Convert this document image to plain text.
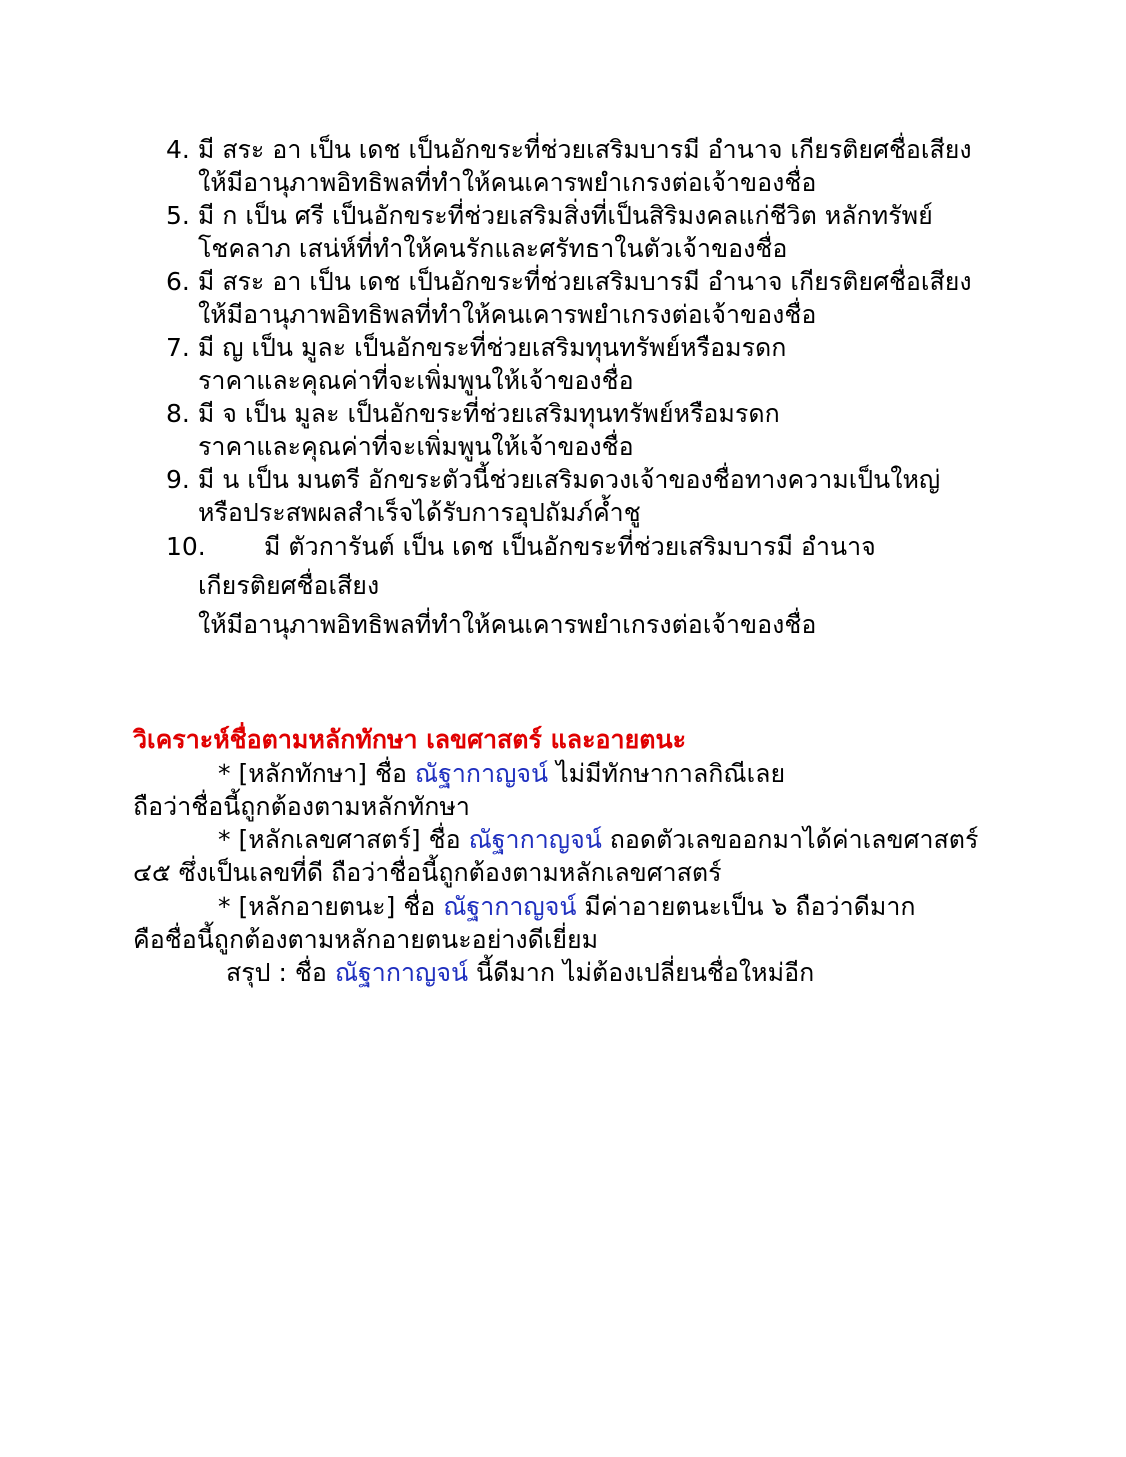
4. มี สระ อา เป็น เดช เป็นอักขระที่ช่วยเสริมบารมี อำนาจ เกียรติยศชื่อเสียง
ให้มีอานุภาพอิทธิพลที่ทำให้คนเคารพยำเกรงต่อเจ้าของชื่อ
5. มี ก เป็น ศรี เป็นอักขระที่ช่วยเสริมสิ่งที่เป็นสิริมงคลแก่ชีวิต หลักทรัพย์
โชคลาภ เสน่ห์ที่ทำให้คนรักและศรัทธาในตัวเจ้าของชื่อ
6. มี สระ อา เป็น เดช เป็นอักขระที่ช่วยเสริมบารมี อำนาจ เกียรติยศชื่อเสียง
ให้มีอานุภาพอิทธิพลที่ทำให้คนเคารพยำเกรงต่อเจ้าของชื่อ
7. มี ญ เป็น มูละ เป็นอักขระที่ช่วยเสริมทุนทรัพย์หรือมรดก
ราคาและคุณค่าที่จะเพิ่มพูนให้เจ้าของชื่อ
8. มี จ เป็น มูละ เป็นอักขระที่ช่วยเสริมทุนทรัพย์หรือมรดก
ราคาและคุณค่าที่จะเพิ่มพูนให้เจ้าของชื่อ
9. มี น เป็น มนตรี อักขระตัวนี้ช่วยเสริมดวงเจ้าของชื่อทางความเป็นใหญ่
หรือประสพผลสำเร็จได้รับการอุปถัมภ์ค้ำชู
10. มี ตัวการันต์ เป็น เดช เป็นอักขระที่ช่วยเสริมบารมี อำนาจ
เกียรติยศชื่อเสียง
ให้มีอานุภาพอิทธิพลที่ทำให้คนเคารพยำเกรงต่อเจ้าของชื่อ
วิเคราะห์ชื่อตามหลักทักษา เลขศาสตร์ และอายตนะ
* [หลักทักษา] ชื่อ ณัฐากาญจน์ ไม่มีทักษากาลกิณีเลย
ถือว่าชื่อนี้ถูกต้องตามหลักทักษา
* [หลักเลขศาสตร์] ชื่อ ณัฐากาญจน์ ถอดตัวเลขออกมาได้ค่าเลขศาสตร์
๔๕ ซึ่งเป็นเลขที่ดี ถือว่าชื่อนี้ถูกต้องตามหลักเลขศาสตร์
* [หลักอายตนะ] ชื่อ ณัฐากาญจน์ มีค่าอายตนะเป็น ๖ ถือว่าดีมาก
คือชื่อนี้ถูกต้องตามหลักอายตนะอย่างดีเยี่ยม
สรุป : ชื่อ ณัฐากาญจน์ นี้ดีมาก ไม่ต้องเปลี่ยนชื่อใหม่อีก
